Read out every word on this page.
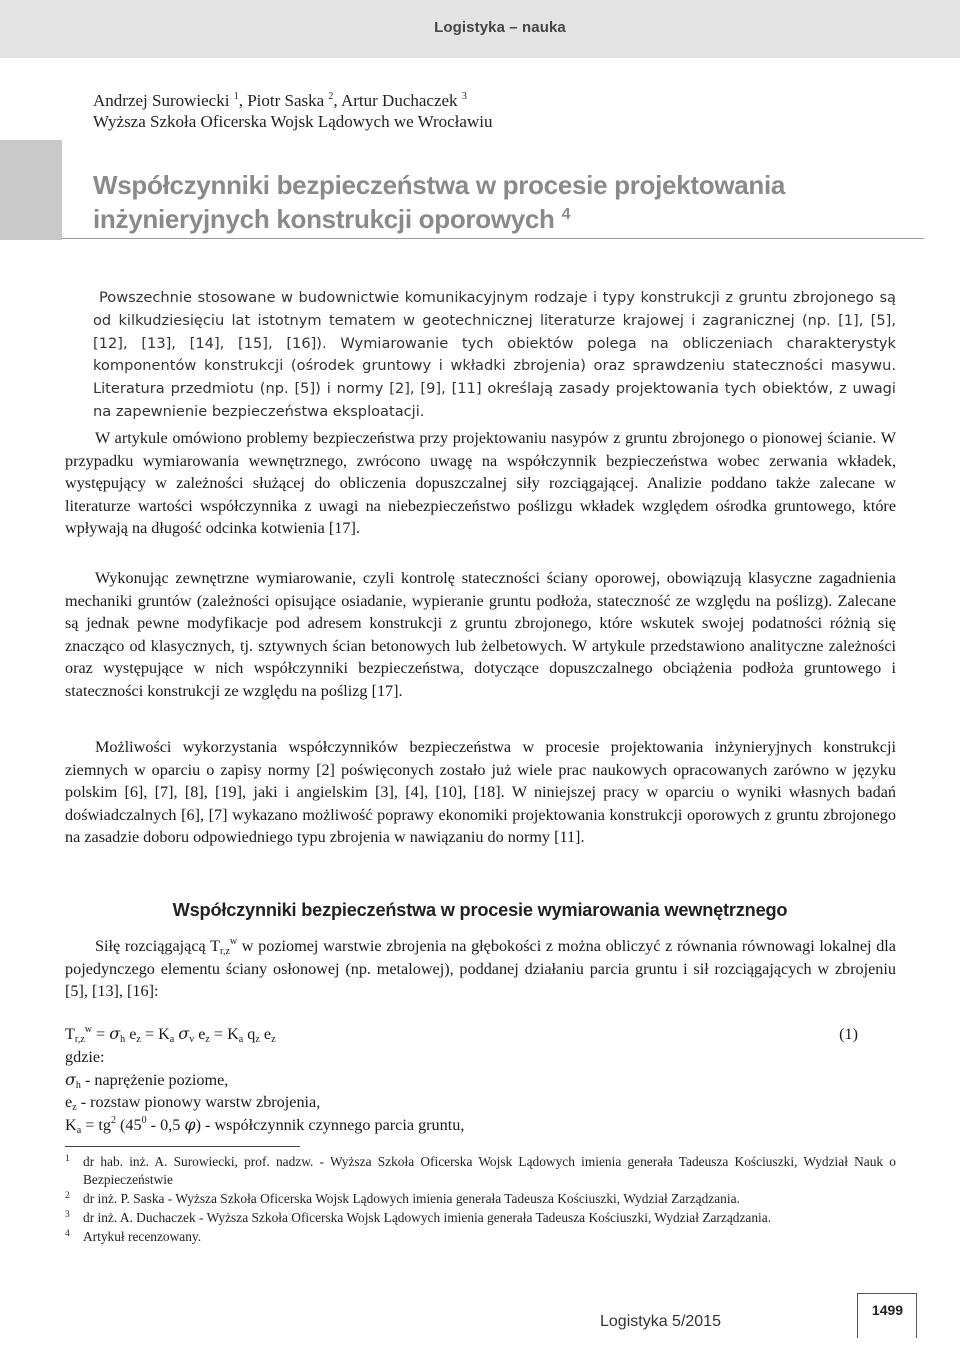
Logistyka – nauka
Andrzej Surowiecki $^1$, Piotr Saska $^2$, Artur Duchaczek $^3$
Wyższa Szkoła Oficerska Wojsk Lądowych we Wrocławiu
Współczynniki bezpieczeństwa w procesie projektowania
inżynieryjnych konstrukcji oporowych $^4$
Powszechnie stosowane w budownictwie komunikacyjnym rodzaje i typy konstrukcji z gruntu zbrojonego są od kilkudziesięciu lat istotnym tematem w geotechnicznej literaturze krajowej i zagranicznej (np. [1], [5], [12], [13], [14], [15], [16]). Wymiarowanie tych obiektów polega na obliczeniach charakterystyk komponentów konstrukcji (ośrodek gruntowy i wkładki zbrojenia) oraz sprawdzeniu stateczności masywu. Literatura przedmiotu (np. [5]) i normy [2], [9], [11] określają zasady projektowania tych obiektów, z uwagi na zapewnienie bezpieczeństwa eksploatacji.

W artykule omówiono problemy bezpieczeństwa przy projektowaniu nasypów z gruntu zbrojonego o pionowej ścianie. W przypadku wymiarowania wewnętrznego, zwrócono uwagę na współczynnik bezpieczeństwa wobec zerwania wkładek, występujący w zależności służącej do obliczenia dopuszczalnej siły rozciągającej. Analizie poddano także zalecane w literaturze wartości współczynnika z uwagi na niebezpieczeństwo poślizgu wkładek względem ośrodka gruntowego, które wpływają na długość odcinka kotwienia [17].

Wykonując zewnętrzne wymiarowanie, czyli kontrolę stateczności ściany oporowej, obowiązują klasyczne zagadnienia mechaniki gruntów (zależności opisujące osiadanie, wypieranie gruntu podłoża, stateczność ze względu na poślizg). Zalecane są jednak pewne modyfikacje pod adresem konstrukcji z gruntu zbrojonego, które wskutek swojej podatności różnią się znacząco od klasycznych, tj. sztywnych ścian betonowych lub żelbetowych. W artykule przedstawiono analityczne zależności oraz występujące w nich współczynniki bezpieczeństwa, dotyczące dopuszczalnego obciążenia podłoża gruntowego i stateczności konstrukcji ze względu na poślizg [17].

Możliwości wykorzystania współczynników bezpieczeństwa w procesie projektowania inżynieryjnych konstrukcji ziemnych w oparciu o zapisy normy [2] poświęconych zostało już wiele prac naukowych opracowanych zarówno w języku polskim [6], [7], [8], [19], jaki i angielskim [3], [4], [10], [18]. W niniejszej pracy w oparciu o wyniki własnych badań doświadczalnych [6], [7] wykazano możliwość poprawy ekonomiki projektowania konstrukcji oporowych z gruntu zbrojonego na zasadzie doboru odpowiedniego typu zbrojenia w nawiązaniu do normy [11].

Współczynniki bezpieczeństwa w procesie wymiarowania wewnętrznego

Siłę rozciągającą $T_{r,z}^w$ w poziomej warstwie zbrojenia na głębokości z można obliczyć z równania równowagi lokalnej dla pojedynczego elementu ściany osłonowej (np. metalowej), poddanej działaniu parcia gruntu i sił rozciągających w zbrojeniu [5], [13], [16]:

$T_{r,z}^w = \sigma_h$ $e_z = K_a$ $\sigma_v$ $e_z = K_a$ $q_z$ $e_z$	(1)
gdzie:
$\sigma_h$ - naprężenie poziome,
$e_z$ - rozstaw pionowy warstw zbrojenia,
$K_a = tg^2$ ($45^0 - 0,5$ φ) - współczynnik czynnego parcia gruntu,
1 dr hab. inż. A. Surowiecki, prof. nadzw. - Wyższa Szkoła Oficerska Wojsk Lądowych imienia generała Tadeusza Kościuszki, Wydział Nauk o Bezpieczeństwie
2 dr inż. P. Saska - Wyższa Szkoła Oficerska Wojsk Lądowych imienia generała Tadeusza Kościuszki, Wydział Zarządzania.
3 dr inż. A. Duchaczek - Wyższa Szkoła Oficerska Wojsk Lądowych imienia generała Tadeusza Kościuszki, Wydział Zarządzania.
4 Artykuł recenzowany.
Logistyka 5/2015
1499
